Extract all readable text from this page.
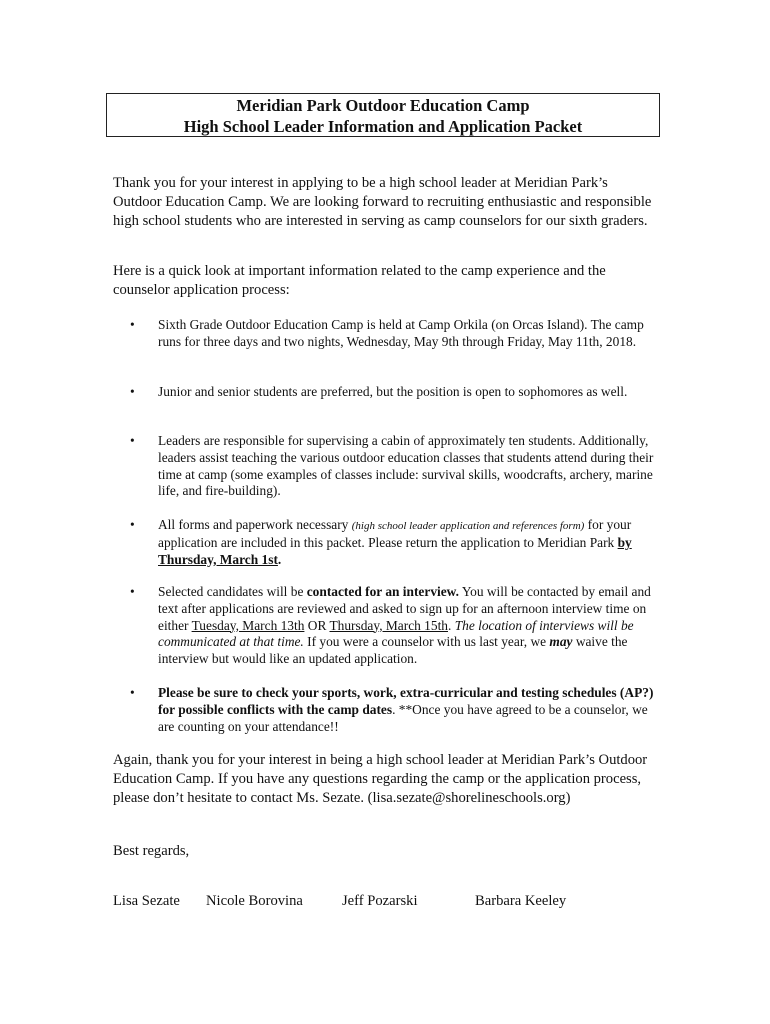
Meridian Park Outdoor Education Camp
High School Leader Information and Application Packet
Thank you for your interest in applying to be a high school leader at Meridian Park’s Outdoor Education Camp. We are looking forward to recruiting enthusiastic and responsible high school students who are interested in serving as camp counselors for our sixth graders.
Here is a quick look at important information related to the camp experience and the counselor application process:
•	Sixth Grade Outdoor Education Camp is held at Camp Orkila (on Orcas Island). The camp runs for three days and two nights, Wednesday, May 9th through Friday, May 11th, 2018.
•	Junior and senior students are preferred, but the position is open to sophomores as well.
•	Leaders are responsible for supervising a cabin of approximately ten students. Additionally, leaders assist teaching the various outdoor education classes that students attend during their time at camp (some examples of classes include: survival skills, woodcrafts, archery, marine life, and fire-building).
•	All forms and paperwork necessary (high school leader application and references form) for your application are included in this packet. Please return the application to Meridian Park by Thursday, March 1st.
•	Selected candidates will be contacted for an interview. You will be contacted by email and text after applications are reviewed and asked to sign up for an afternoon interview time on either Tuesday, March 13th OR Thursday, March 15th. The location of interviews will be communicated at that time. If you were a counselor with us last year, we may waive the interview but would like an updated application.
•	Please be sure to check your sports, work, extra-curricular and testing schedules (AP?) for possible conflicts with the camp dates. **Once you have agreed to be a counselor, we are counting on your attendance!!
Again, thank you for your interest in being a high school leader at Meridian Park’s Outdoor Education Camp. If you have any questions regarding the camp or the application process, please don’t hesitate to contact Ms. Sezate. (lisa.sezate@shorelineschools.org)
Best regards,
Lisa Sezate Nicole Borovina	Jeff Pozarski	Barbara Keeley
